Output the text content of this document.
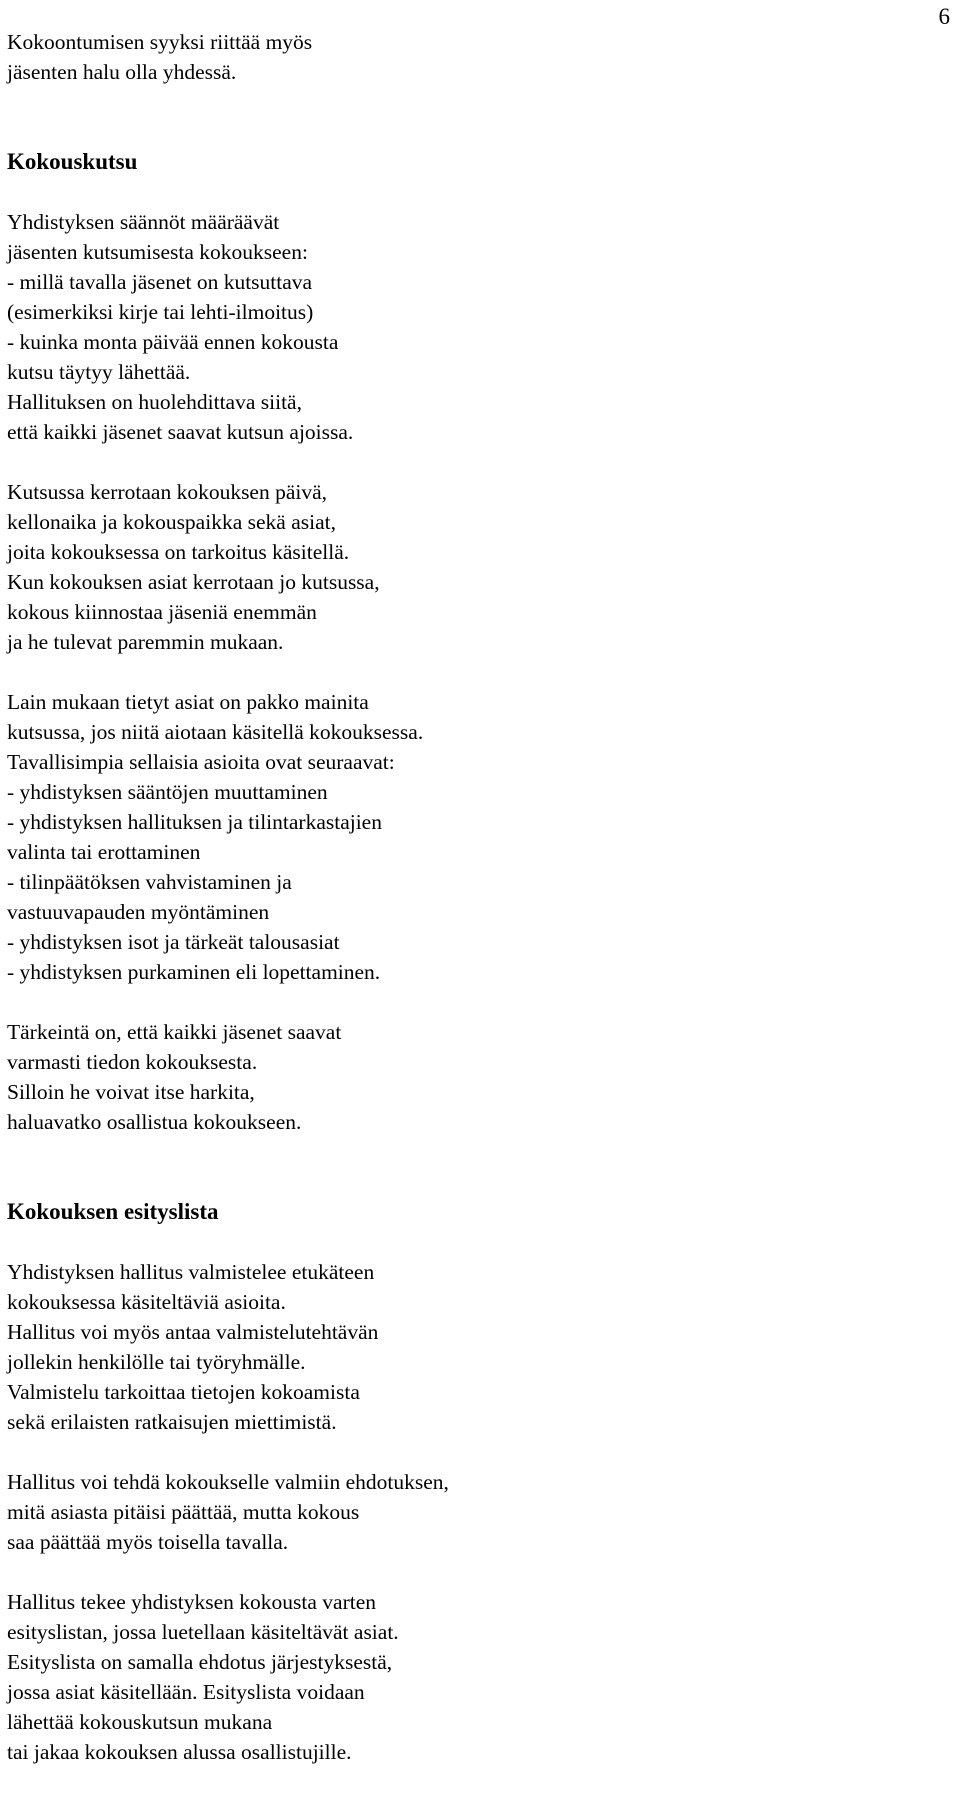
6
Kokoontumisen syyksi riittää myös
jäsenten halu olla yhdessä.
Kokouskutsu
Yhdistyksen säännöt määräävät
jäsenten kutsumisesta kokoukseen:
- millä tavalla jäsenet on kutsuttava
(esimerkiksi kirje tai lehti-ilmoitus)
- kuinka monta päivää ennen kokousta
kutsu täytyy lähettää.
Hallituksen on huolehdittava siitä,
että kaikki jäsenet saavat kutsun ajoissa.
Kutsussa kerrotaan kokouksen päivä,
kellonaika ja kokouspaikka sekä asiat,
joita kokouksessa on tarkoitus käsitellä.
Kun kokouksen asiat kerrotaan jo kutsussa,
kokous kiinnostaa jäseniä enemmän
ja he tulevat paremmin mukaan.
Lain mukaan tietyt asiat on pakko mainita
kutsussa, jos niitä aiotaan käsitellä kokouksessa.
Tavallisimpia sellaisia asioita ovat seuraavat:
- yhdistyksen sääntöjen muuttaminen
- yhdistyksen hallituksen ja tilintarkastajien
valinta tai erottaminen
- tilinpäätöksen vahvistaminen ja
vastuuvapauden myöntäminen
- yhdistyksen isot ja tärkeät talousasiat
- yhdistyksen purkaminen eli lopettaminen.
Tärkeintä on, että kaikki jäsenet saavat
varmasti tiedon kokouksesta.
Silloin he voivat itse harkita,
haluavatko osallistua kokoukseen.
Kokouksen esityslista
Yhdistyksen hallitus valmistelee etukäteen
kokouksessa käsiteltäviä asioita.
Hallitus voi myös antaa valmistelutehtävän
jollekin henkilölle tai työryhmälle.
Valmistelu tarkoittaa tietojen kokoamista
sekä erilaisten ratkaisujen miettimistä.
Hallitus voi tehdä kokoukselle valmiin ehdotuksen,
mitä asiasta pitäisi päättää, mutta kokous
saa päättää myös toisella tavalla.
Hallitus tekee yhdistyksen kokousta varten
esityslistan, jossa luetellaan käsiteltävät asiat.
Esityslista on samalla ehdotus järjestyksestä,
jossa asiat käsitellään. Esityslista voidaan
lähettää kokouskutsun mukana
tai jakaa kokouksen alussa osallistujille.
